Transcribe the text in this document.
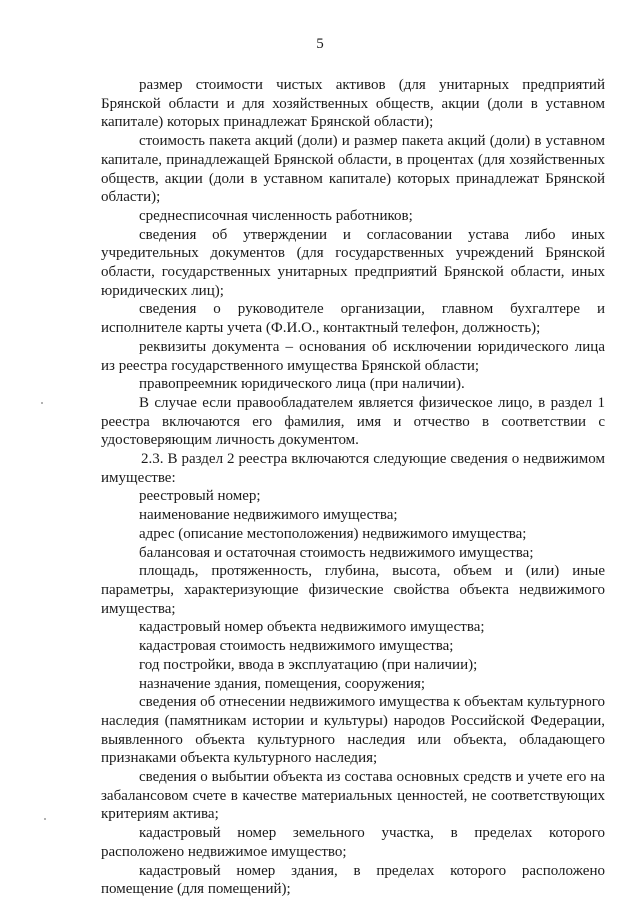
5

размер стоимости чистых активов (для унитарных предприятий Брянской области и для хозяйственных обществ, акции (доли в уставном капитале) которых принадлежат Брянской области);

стоимость пакета акций (доли) и размер пакета акций (доли) в уставном капитале, принадлежащей Брянской области, в процентах (для хозяйственных обществ, акции (доли в уставном капитале) которых принадлежат Брянской области);

среднесписочная численность работников;

сведения об утверждении и согласовании устава либо иных учредительных документов (для государственных учреждений Брянской области, государственных унитарных предприятий Брянской области, иных юридических лиц);

сведения о руководителе организации, главном бухгалтере и исполнителе карты учета (Ф.И.О., контактный телефон, должность);

реквизиты документа – основания об исключении юридического лица из реестра государственного имущества Брянской области;

правопреемник юридического лица (при наличии).

В случае если правообладателем является физическое лицо, в раздел 1 реестра включаются его фамилия, имя и отчество в соответствии с удостоверяющим личность документом.

2.3. В раздел 2 реестра включаются следующие сведения о недвижимом имуществе:

реестровый номер;

наименование недвижимого имущества;

адрес (описание местоположения) недвижимого имущества;

балансовая и остаточная стоимость недвижимого имущества;

площадь, протяженность, глубина, высота, объем и (или) иные параметры, характеризующие физические свойства объекта недвижимого имущества;

кадастровый номер объекта недвижимого имущества;

кадастровая стоимость недвижимого имущества;

год постройки, ввода в эксплуатацию (при наличии);

назначение здания, помещения, сооружения;

сведения об отнесении недвижимого имущества к объектам культурного наследия (памятникам истории и культуры) народов Российской Федерации, выявленного объекта культурного наследия или объекта, обладающего признаками объекта культурного наследия;

сведения о выбытии объекта из состава основных средств и учете его на забалансовом счете в качестве материальных ценностей, не соответствующих критериям актива;

кадастровый номер земельного участка, в пределах которого расположено недвижимое имущество;

кадастровый номер здания, в пределах которого расположено помещение (для помещений);
